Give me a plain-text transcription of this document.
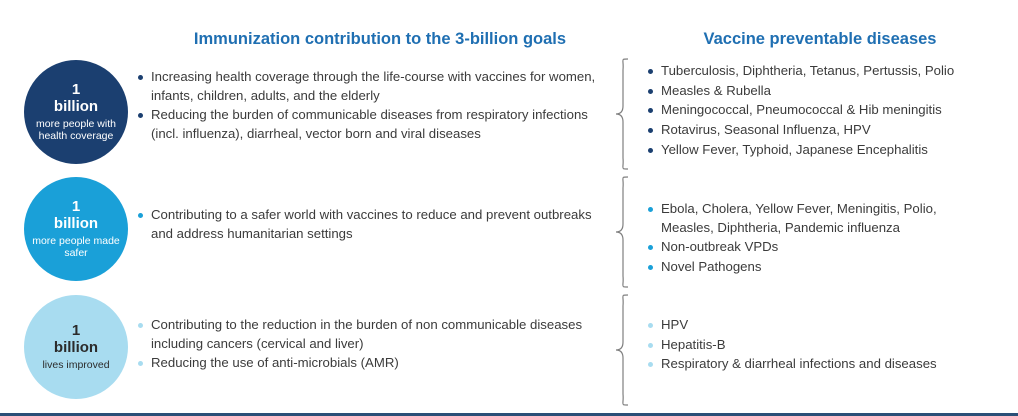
Immunization contribution to the 3-billion goals	Vaccine preventable diseases
1
billion
more people with health coverage
1
billion
more people made safer
1
billion
lives improved
Increasing health coverage through the life-course with vaccines for women, infants, children, adults, and the elderly
Reducing the burden of communicable diseases from respiratory infections (incl. influenza), diarrheal, vector born and viral diseases
Contributing to a safer world with vaccines to reduce and prevent outbreaks and address humanitarian settings
Contributing to the reduction in the burden of non communicable diseases including cancers (cervical and liver)
Reducing the use of anti-microbials (AMR)
Tuberculosis, Diphtheria, Tetanus, Pertussis, Polio
Measles & Rubella
Meningococcal, Pneumococcal & Hib meningitis
Rotavirus, Seasonal Influenza, HPV
Yellow Fever, Typhoid, Japanese Encephalitis
Ebola, Cholera, Yellow Fever, Meningitis, Polio, Measles, Diphtheria, Pandemic influenza
Non-outbreak VPDs
Novel Pathogens
HPV
Hepatitis-B
Respiratory & diarrheal infections and diseases
